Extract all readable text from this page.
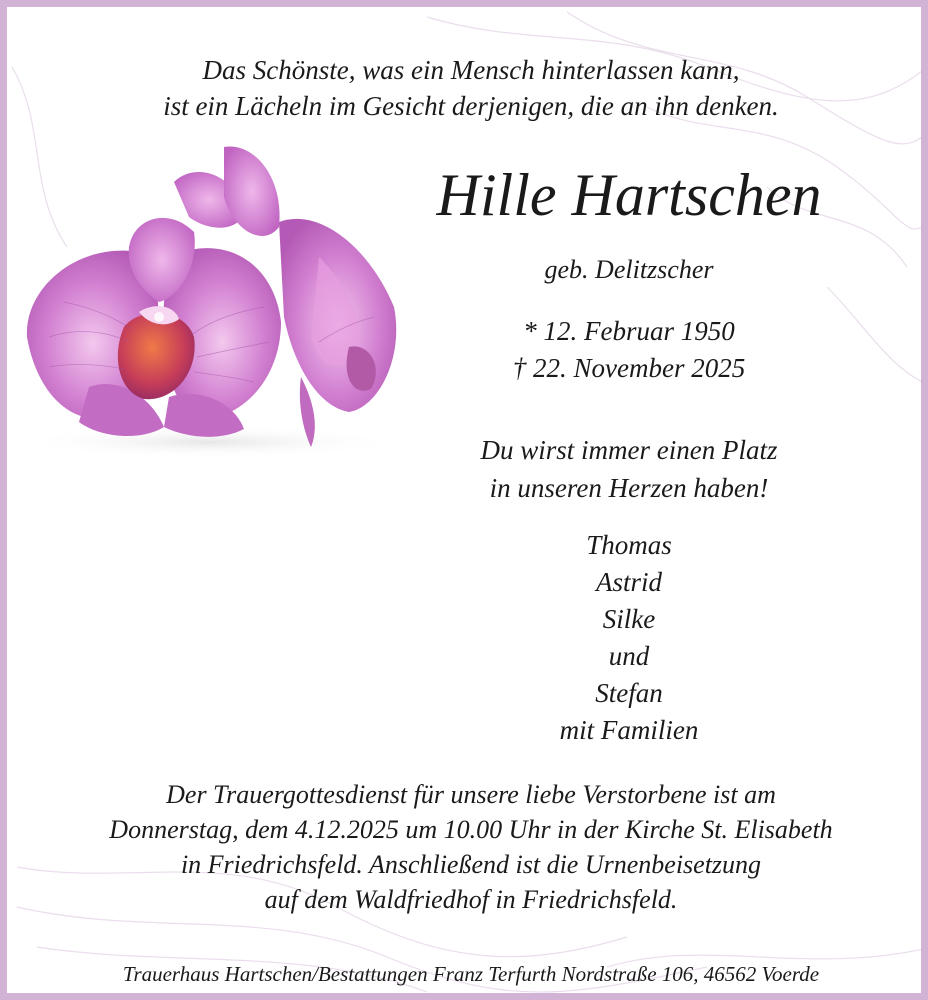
Das Schönste, was ein Mensch hinterlassen kann,
ist ein Lächeln im Gesicht derjenigen, die an ihn denken.
Hille Hartschen
geb. Delitzscher
* 12. Februar 1950
† 22. November 2025
Du wirst immer einen Platz
in unseren Herzen haben!
Thomas
Astrid
Silke
und
Stefan
mit Familien
Der Trauergottesdienst für unsere liebe Verstorbene ist am
Donnerstag, dem 4.12.2025 um 10.00 Uhr in der Kirche St. Elisabeth
in Friedrichsfeld. Anschließend ist die Urnenbeisetzung
auf dem Waldfriedhof in Friedrichsfeld.
Trauerhaus Hartschen/Bestattungen Franz Terfurth Nordstraße 106, 46562 Voerde
